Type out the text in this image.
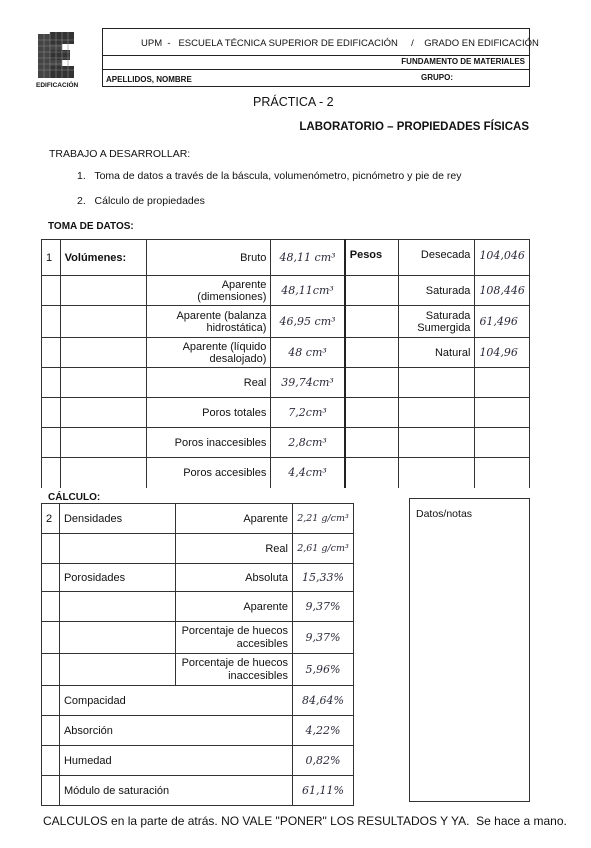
EDIFICACIÓN
UPM  -   ESCUELA TÉCNICA SUPERIOR DE EDIFICACIÓN     /    GRADO EN EDIFICACIÓN
FUNDAMENTO DE MATERIALES
APELLIDOS, NOMBRE	GRUPO:
PRÁCTICA - 2
LABORATORIO – PROPIEDADES FÍSICAS
TRABAJO A DESARROLLAR:
1. Toma de datos a través de la báscula, volumenómetro, picnómetro y pie de rey
2. Cálculo de propiedades
TOMA DE DATOS:
1	Volúmenes:	Bruto	48,11 cm³	Pesos	Desecada	104,046
		Aparente (dimensiones)	48,11cm³		Saturada	108,446
		Aparente (balanza hidrostática)	46,95 cm³		Saturada Sumergida	61,496
		Aparente (líquido desalojado)	48 cm³		Natural	104,96
		Real	39,74cm³			
		Poros totales	7,2cm³			
		Poros inaccesibles	2,8cm³			
		Poros accesibles	4,4cm³			
CÁLCULO:
2	Densidades	Aparente	2,21 g/cm³
		Real	2,61 g/cm³
	Porosidades	Absoluta	15,33%
		Aparente	9,37%
		Porcentaje de huecos accesibles	9,37%
		Porcentaje de huecos inaccesibles	5,96%
	Compacidad		84,64%
	Absorción		4,22%
	Humedad		0,82%
	Módulo de saturación		61,11%
Datos/notas
CALCULOS en la parte de atrás. NO VALE "PONER" LOS RESULTADOS Y YA.  Se hace a mano.
